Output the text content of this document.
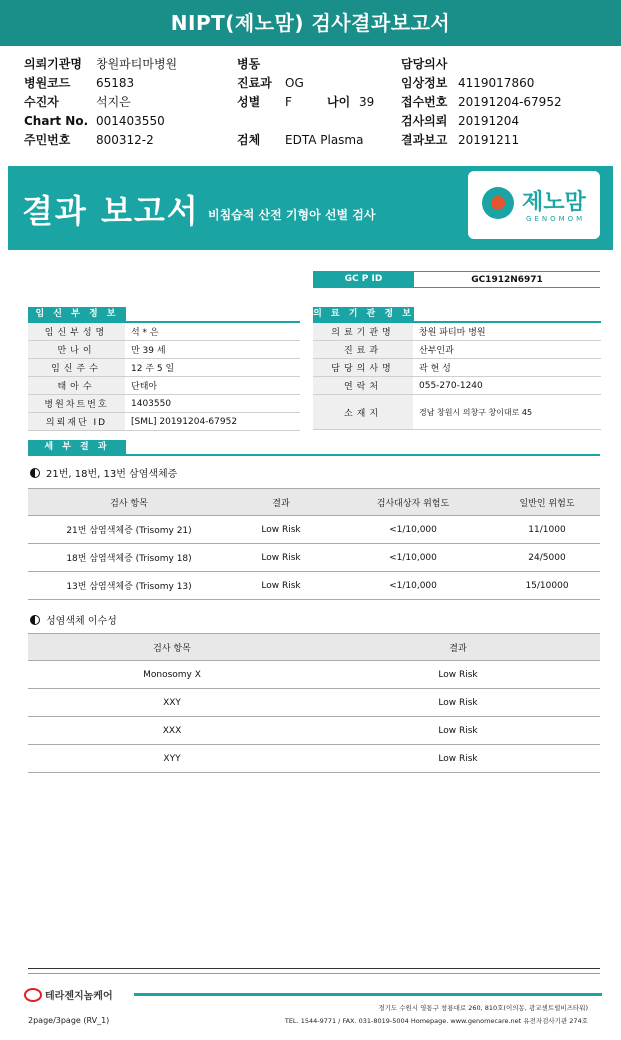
NIPT(제노맘) 검사결과보고서
의뢰기관명 창원파티마병원
병원코드 65183
수진자	석지은
Chart No. 001403550
주민번호 800312-2
병동
진료과 OG
성별 F	나이 39
검체 EDTA Plasma
담당의사
임상정보 4119017860
접수번호 20191204-67952
검사의뢰 20191204
결과보고 20191211
결과 보고서 비침습적 산전 기형아 선별 검사	제노맘
GENOMOM
GC P ID	GC1912N6971
임 신 부 정 보
임신부성명	석 * 은
만나이	만 39 세
임신주수	12 주 5 일
태아수	단태아
병원차트번호	1403550
의뢰재단 ID	[SML] 20191204-67952
의 료 기 관 정 보
의료기관명	창원 파티마 병원
진료과	산부인과
담당의사명	곽 현 성
연락처	055-270-1240
소재지	경남 창원시 의창구 창이대로 45
세 부 결 과
21번, 18번, 13번 삼염색체증
검사 항목	결과	검사대상자 위험도	일반인 위험도
21번 삼염색체증 (Trisomy 21)	Low Risk	<1/10,000	11/1000
18번 삼염색체증 (Trisomy 18)	Low Risk	<1/10,000	24/5000
13번 삼염색체증 (Trisomy 13)	Low Risk	<1/10,000	15/10000
성염색체 이수성
검사 항목	결과
Monosomy X	Low Risk
XXY	Low Risk
XXX	Low Risk
XYY	Low Risk
테라젠지놈케어
경기도 수원시 영통구 창룡대로 260, 810호(이의동, 광교센트럴비즈타워)
TEL. 1544-9771 / FAX. 031-8019-5004 Homepage. www.genomecare.net 유전자검사기관 274호
2page/3page (RV_1)
